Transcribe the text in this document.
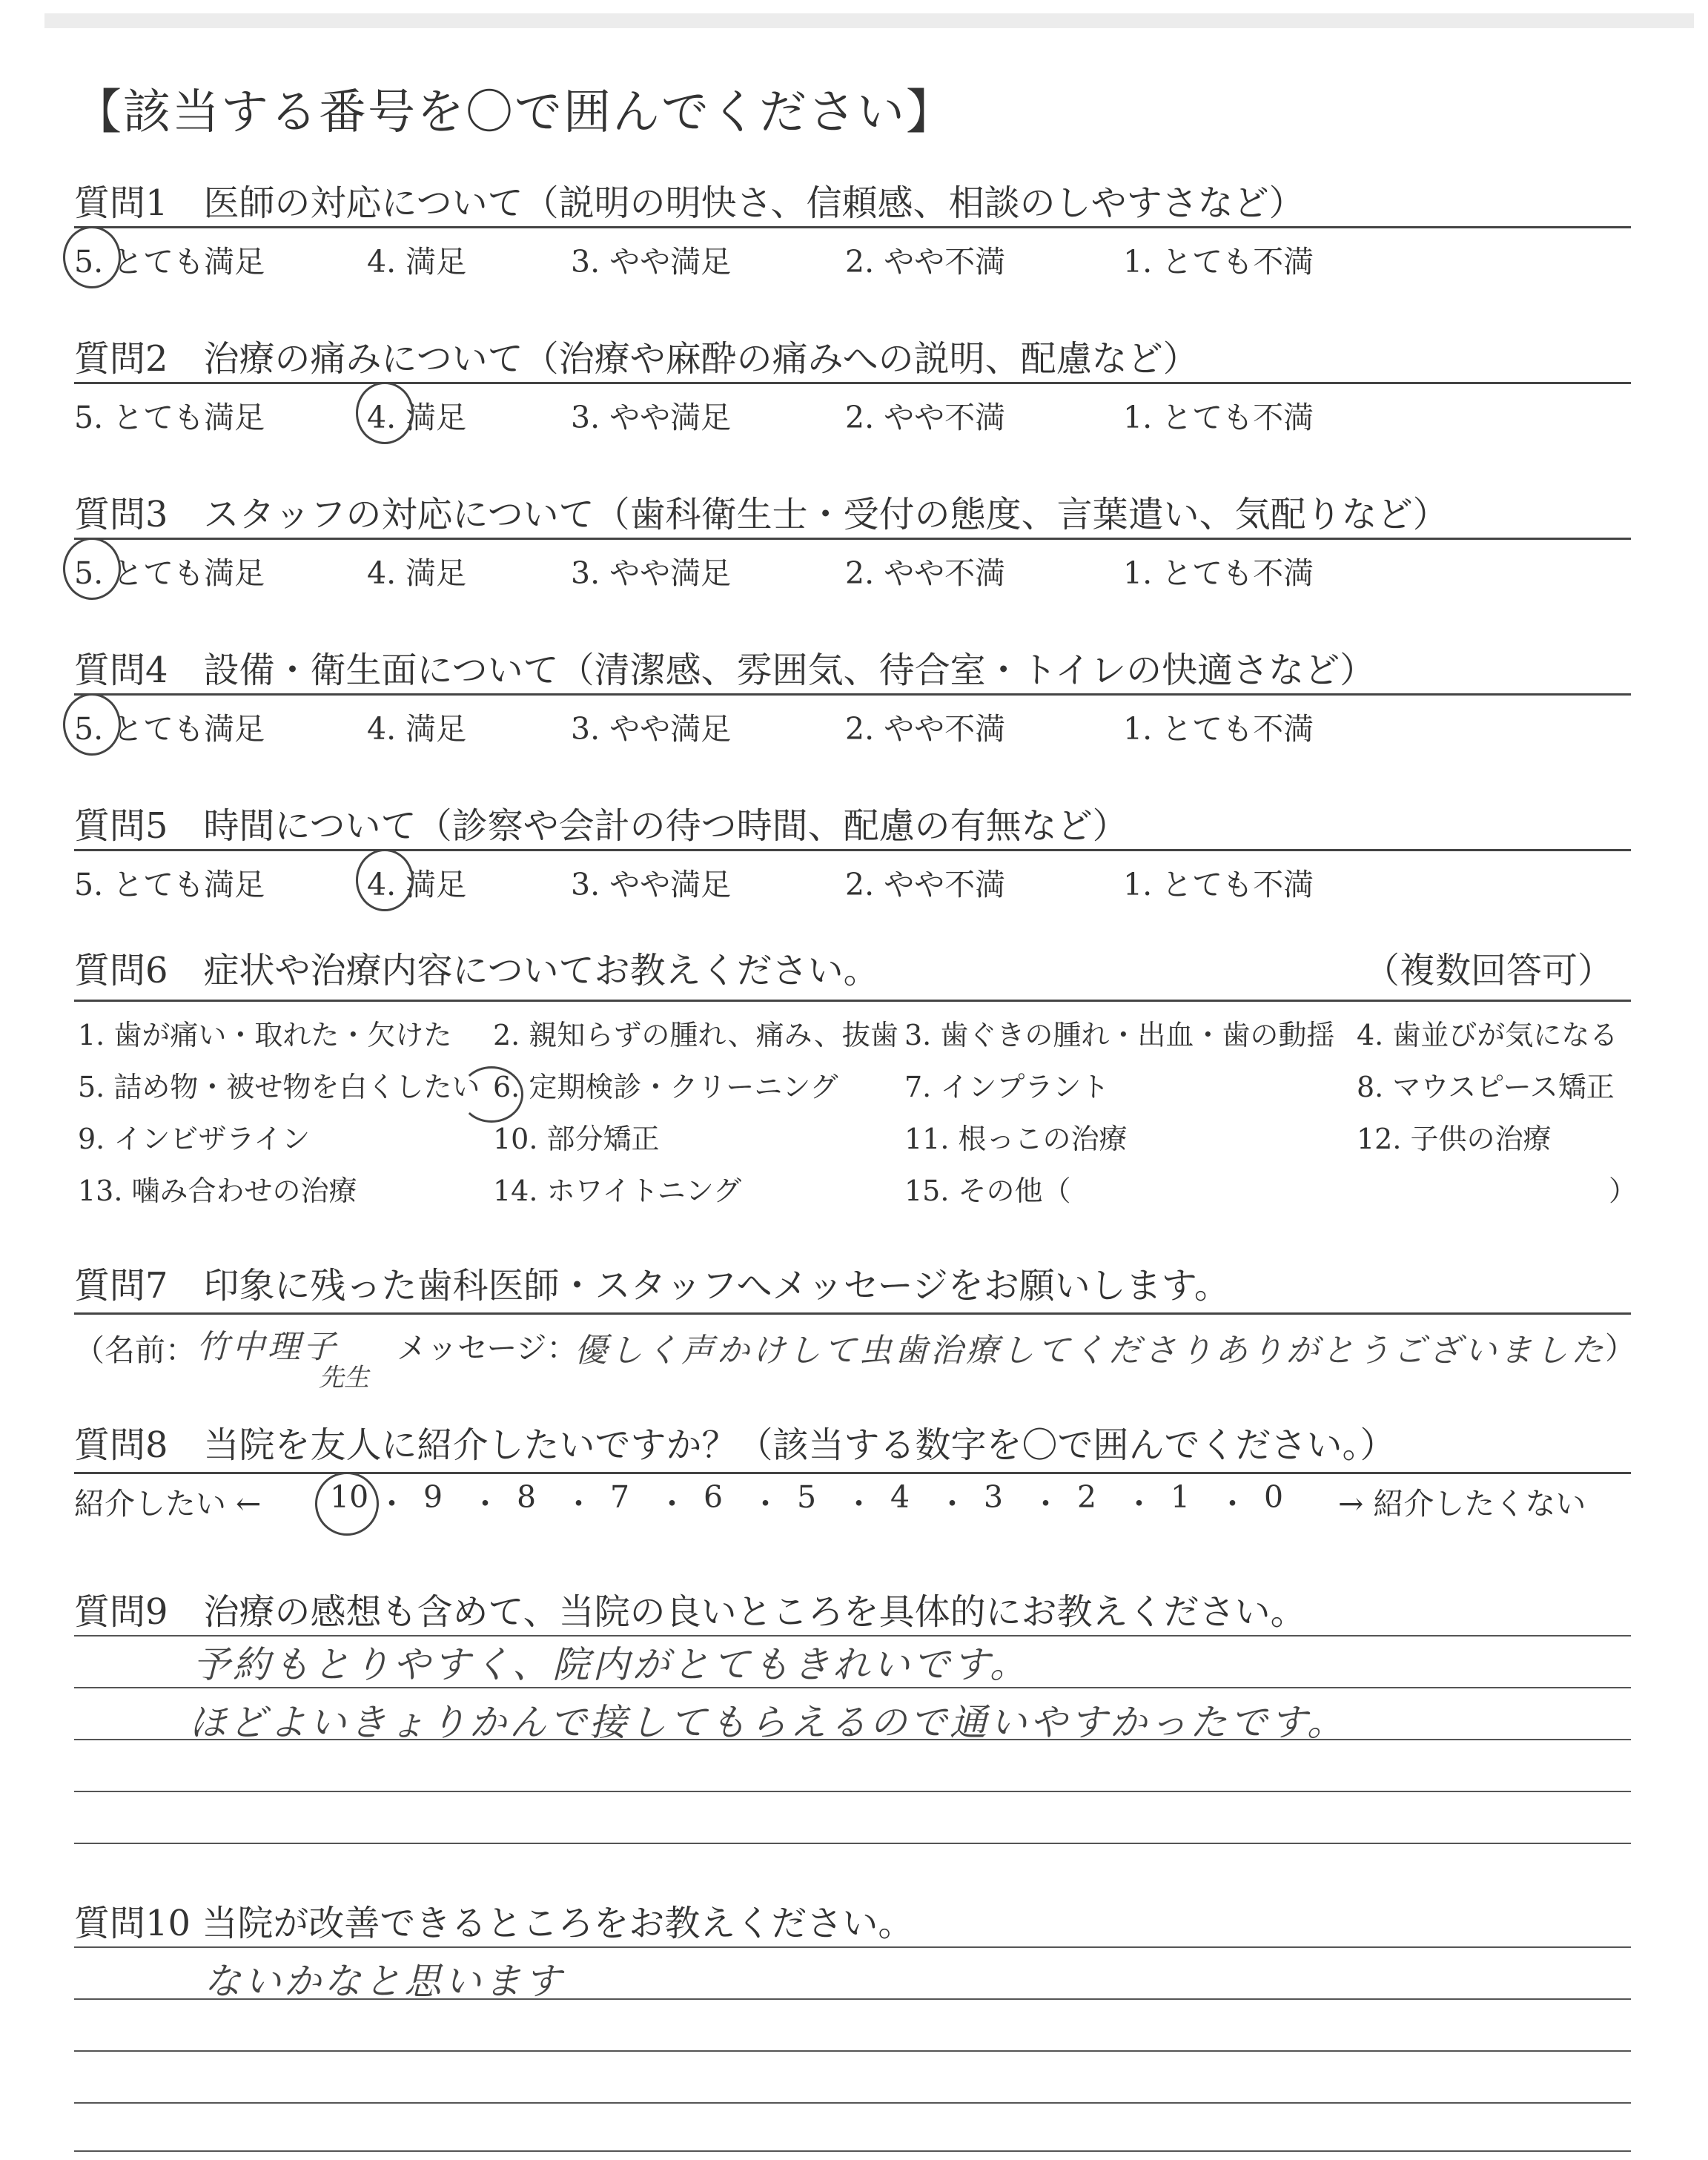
【該当する番号を〇で囲んでください】
質問1　医師の対応について（説明の明快さ、信頼感、相談のしやすさなど）
5. とても満足	4. 満足	3. やや満足	2. やや不満	1. とても不満
質問2　治療の痛みについて（治療や麻酔の痛みへの説明、配慮など）
5. とても満足	4. 満足	3. やや満足	2. やや不満	1. とても不満
質問3　スタッフの対応について（歯科衛生士・受付の態度、言葉遣い、気配りなど）
5. とても満足	4. 満足	3. やや満足	2. やや不満	1. とても不満
質問4　設備・衛生面について（清潔感、雰囲気、待合室・トイレの快適さなど）
5. とても満足	4. 満足	3. やや満足	2. やや不満	1. とても不満
質問5　時間について（診察や会計の待つ時間、配慮の有無など）
5. とても満足	4. 満足	3. やや満足	2. やや不満	1. とても不満
質問6　症状や治療内容についてお教えください。	（複数回答可）
1. 歯が痛い・取れた・欠けた 2. 親知らずの腫れ、痛み、抜歯 3. 歯ぐきの腫れ・出血・歯の動揺 4. 歯並びが気になる
5. 詰め物・被せ物を白くしたい 6. 定期検診・クリーニング 7. インプラント	8. マウスピース矯正
9. インビザライン	10. 部分矯正	11. 根っこの治療	12. 子供の治療
13. 噛み合わせの治療	14. ホワイトニング	15. その他（	）
質問7　印象に残った歯科医師・スタッフへメッセージをお願いします。
（名前： 竹中理子
先生
メッセージ：
優しく声かけして虫歯治療してくださりありがとうございました
）
質問8　当院を友人に紹介したいですか？（該当する数字を〇で囲んでください。）
紹介したい ← 10 ・ 9 ・ 8 ・ 7 ・ 6 ・ 5 ・ 4 ・ 3 ・ 2 ・ 1 ・ 0 → 紹介したくない
質問9　治療の感想も含めて、当院の良いところを具体的にお教えください。
予約もとりやすく、院内がとてもきれいです。
ほどよいきょりかんで接してもらえるので通いやすかったです。
質問10 当院が改善できるところをお教えください。
ないかなと思います
